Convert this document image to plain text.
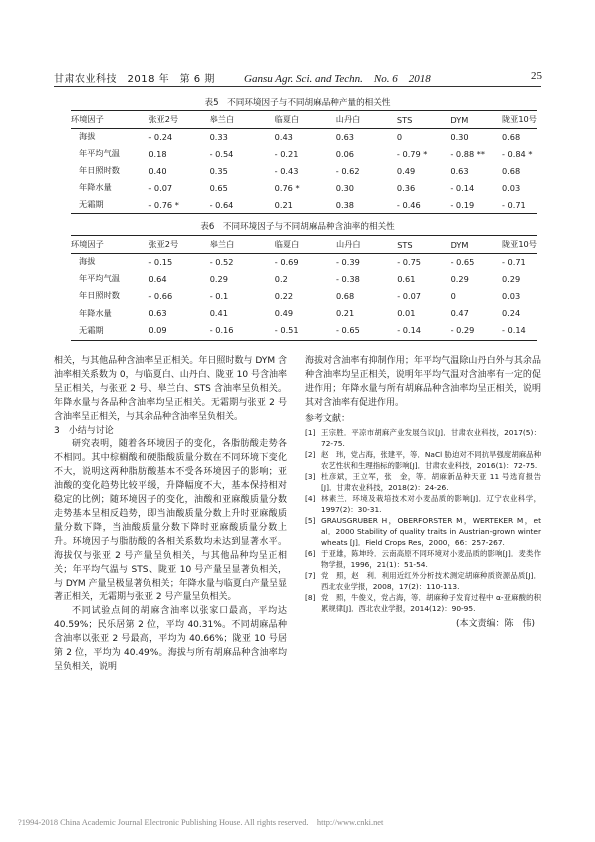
甘肃农业科技　 2018 年　第 6 期	Gansu Agr. Sci. and Techn.　No. 6　2018	25
表5　不同环境因子与不同胡麻品种产量的相关性
环境因子	张亚2号	皋兰白	临夏白	山丹白	STS	DYM	陇亚10号
海拔	- 0.24	0.33	0.43	0.63	0	0.30	0.68
年平均气温	0.18	- 0.54	- 0.21	0.06	- 0.79 *	- 0.88 **	- 0.84 *
年日照时数	0.40	0.35	- 0.43	- 0.62	0.49	0.63	0.68
年降水量	- 0.07	0.65	0.76 *	0.30	0.36	- 0.14	0.03
无霜期	- 0.76 *	- 0.64	0.21	0.38	- 0.46	- 0.19	- 0.71
表6　不同环境因子与不同胡麻品种含油率的相关性
环境因子	张亚2号	皋兰白	临夏白	山丹白	STS	DYM	陇亚10号
海拔	- 0.15	- 0.52	- 0.69	- 0.39	- 0.75	- 0.65	- 0.71
年平均气温	0.64	0.29	0.2	- 0.38	0.61	0.29	0.29
年日照时数	- 0.66	- 0.1	0.22	0.68	- 0.07	0	0.03
年降水量	0.63	0.41	0.49	0.21	0.01	0.47	0.24
无霜期	0.09	- 0.16	- 0.51	- 0.65	- 0.14	- 0.29	- 0.14

相关，与其他品种含油率呈正相关。年日照时数与 DYM 含油率相关系数为 0，与临夏白、山丹白、陇亚 10 号含油率呈正相关，与张亚 2 号、皋兰白、STS 含油率呈负相关。年降水量与各品种含油率均呈正相关。无霜期与张亚 2 号含油率呈正相关，与其余品种含油率呈负相关。

3　小结与讨论

研究表明，随着各环境因子的变化，各脂肪酸走势各不相同。其中棕榈酸和硬脂酸质量分数在不同环境下变化不大，说明这两种脂肪酸基本不受各环境因子的影响；亚油酸的变化趋势比较平缓，升降幅度不大，基本保持相对稳定的比例；随环境因子的变化，油酸和亚麻酸质量分数走势基本呈相反趋势，即当油酸质量分数上升时亚麻酸质量分数下降，当油酸质量分数下降时亚麻酸质量分数上升。环境因子与脂肪酸的各相关系数均未达到显著水平。海拔仅与张亚 2 号产量呈负相关，与其他品种均呈正相关；年平均气温与 STS、陇亚 10 号产量呈显著负相关，与 DYM 产量呈极显著负相关；年降水量与临夏白产量呈显著正相关，无霜期与张亚 2 号产量呈负相关。

不同试验点间的胡麻含油率以张家口最高，平均达 40.59%；民乐居第 2 位，平均 40.31%。不同胡麻品种含油率以张亚 2 号最高，平均为 40.66%；陇亚 10 号居第 2 位，平均为 40.49%。海拔与所有胡麻品种含油率均呈负相关，说明

海拔对含油率有抑制作用；年平均气温除山丹白外与其余品种含油率均呈正相关，说明年平均气温对含油率有一定的促进作用；年降水量与所有胡麻品种含油率均呈正相关，说明其对含油率有促进作用。

参考文献：

[1] 王宗胜．平凉市胡麻产业发展刍议[J]．甘肃农业科技，2017(5)：72-75.
[2] 赵　玮，党占海，张建平，等．NaCl 胁迫对不同抗旱强度胡麻品种农艺性状和生理指标的影响[J]．甘肃农业科技，2016(1)：72-75.
[3] 杜彦斌，王立军，张　金，等．胡麻新品种天亚 11 号选育报告[J]．甘肃农业科技，2018(2)：24-26.
[4] 林素兰．环境及栽培技术对小麦品质的影响[J]．辽宁农业科学，1997(2)：30-31.
[5] GRAUSGRUBER H，OBERFORSTER M，WERTEKER M，et al．2000 Stability of quality traits in Austrian-grown winter wheats [J]．Field Crops Res，2000，66：257-267.
[6] 于亚雄，陈坤玲．云南高原不同环境对小麦品质的影响[J]．麦类作物学报，1996，21(1)：51-54.
[7] 党　照，赵　利．利用近红外分析技术测定胡麻种质资源品质[J]．西北农业学报，2008，17(2)：110-113.
[8] 党　照，牛俊义，党占海，等．胡麻种子发育过程中 α-亚麻酸的积累规律[J]．西北农业学报，2014(12)：90-95.

(本文责编：陈　伟)

?1994-2018 China Academic Journal Electronic Publishing House. All rights reserved.　http://www.cnki.net
